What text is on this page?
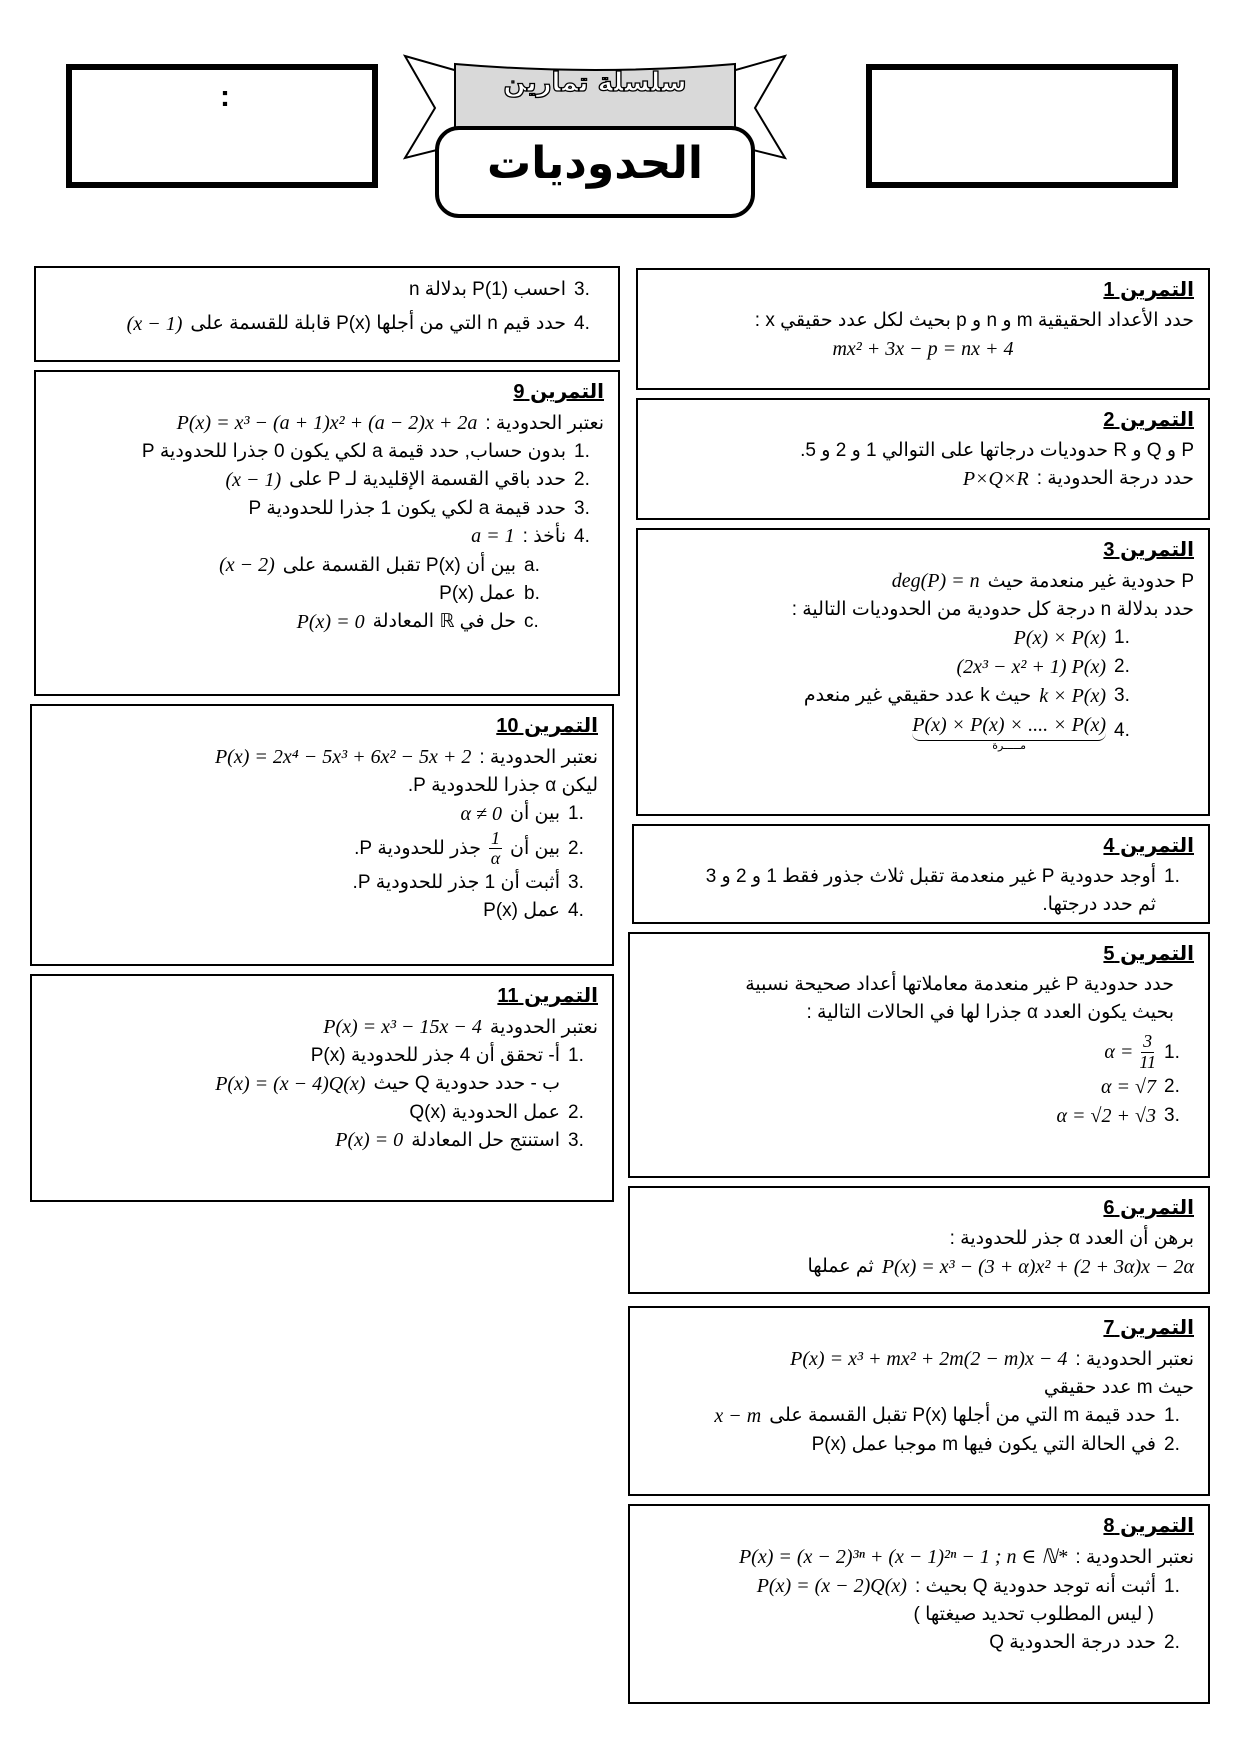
:	سلسلة تمارين
الحدوديات
التمرين 1
حدد الأعداد الحقيقية m و n و p بحيث لكل عدد حقيقي x :
mx² + 3x − p = nx + 4
التمرين 2
P و Q و R حدوديات درجاتها على التوالي 1 و 2 و 5.
حدد درجة الحدودية :
P×Q×R
التمرين 3
P حدودية غير منعدمة حيث
deg(P) = n
حدد بدلالة n درجة كل حدودية من الحدوديات التالية :
1.
P(x) × P(x)
2.
(2x³ − x² + 1) P(x)
3.
k × P(x)
حيث k عدد حقيقي غير منعدم
4.
P(x) × P(x) × .... × P(x)
مـــــرة
التمرين 4
1.
أوجد حدودية P غير منعدمة تقبل ثلاث جذور فقط 1 و 2 و 3
ثم حدد درجتها.
التمرين 5
حدد حدودية P غير منعدمة معاملاتها أعداد صحيحة نسبية
بحيث يكون العدد α جذرا لها في الحالات التالية :
1.
$\alpha = \frac{3}{11}$
2.
α = √7
3.
α = √2 + √3
التمرين 6
برهن أن العدد α جذر للحدودية :
P(x) = x³ − (3 + α)x² + (2 + 3α)x − 2α
ثم عملها
التمرين 7
نعتبر الحدودية :
P(x) = x³ + mx² + 2m(2 − m)x − 4
حيث m عدد حقيقي
1.
حدد قيمة m التي من أجلها P(x) تقبل القسمة على
x − m
2.
في الحالة التي يكون فيها m موجبا عمل P(x)
التمرين 8
نعتبر الحدودية :
P(x) = (x − 2)³ⁿ + (x − 1)²ⁿ − 1 ; n ∈ ℕ*
1.
أثبت أنه توجد حدودية Q بحيث :
P(x) = (x − 2)Q(x)
( ليس المطلوب تحديد صيغتها )
2.
حدد درجة الحدودية Q
3.
احسب P(1) بدلالة n
4.
حدد قيم n التي من أجلها P(x) قابلة للقسمة على
(x − 1)
التمرين 9
نعتبر الحدودية :
P(x) = x³ − (a + 1)x² + (a − 2)x + 2a
1.
بدون حساب, حدد قيمة a لكي يكون 0 جذرا للحدودية P
2.
حدد باقي القسمة الإقليدية لـ P على
(x − 1)
3.
حدد قيمة a لكي يكون 1 جذرا للحدودية P
4.
نأخذ :
a = 1
a.
بين أن P(x) تقبل القسمة على
(x − 2)
b.
عمل P(x)
c.
حل في ℝ المعادلة
P(x) = 0
التمرين 10
نعتبر الحدودية :
P(x) = 2x⁴ − 5x³ + 6x² − 5x + 2
ليكن α جذرا للحدودية P.
1.
بين أن
α ≠ 0
2.
بين أن
$\frac{1}{\alpha}$
جذر للحدودية P.
3.
أثبت أن 1 جذر للحدودية P.
4.
عمل P(x)
التمرين 11
نعتبر الحدودية
P(x) = x³ − 15x − 4
1.
أ- تحقق أن 4 جذر للحدودية P(x)
ب - حدد حدودية Q حيث
P(x) = (x − 4)Q(x)
2.
عمل الحدودية Q(x)
3.
استنتج حل المعادلة
P(x) = 0
